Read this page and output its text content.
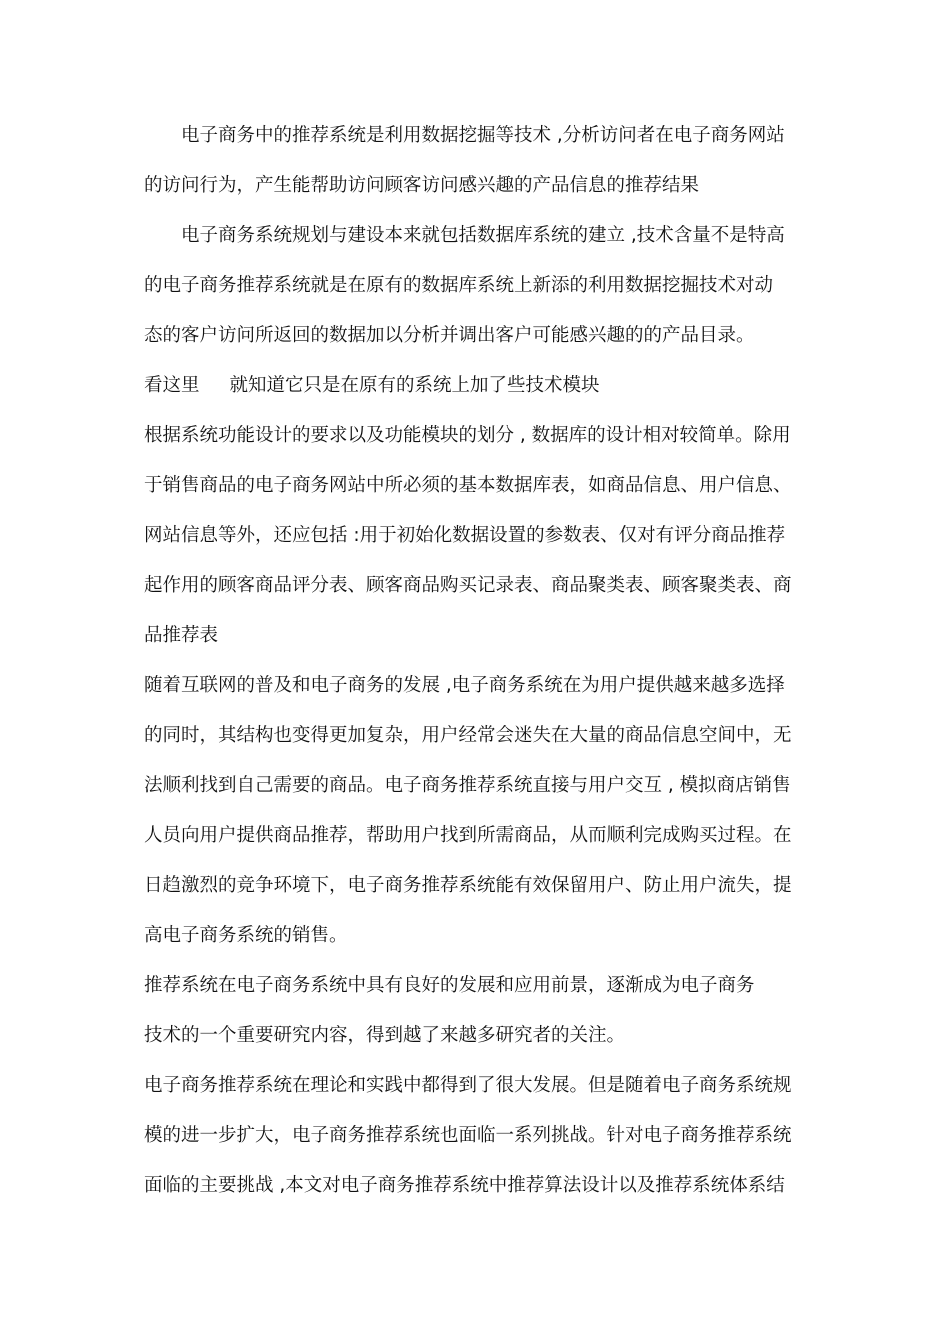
电子商务中的推荐系统是利用数据挖掘等技术 ,分析访问者在电子商务网站
的访问行为，产生能帮助访问顾客访问感兴趣的产品信息的推荐结果
电子商务系统规划与建设本来就包括数据库系统的建立 ,技术含量不是特高
的电子商务推荐系统就是在原有的数据库系统上新添的利用数据挖掘技术对动
态的客户访问所返回的数据加以分析并调出客户可能感兴趣的的产品目录。
看这里 就知道它只是在原有的系统上加了些技术模块
根据系统功能设计的要求以及功能模块的划分 , 数据库的设计相对较简单。除用
于销售商品的电子商务网站中所必须的基本数据库表，如商品信息、用户信息、
网站信息等外，还应包括 :用于初始化数据设置的参数表、仅对有评分商品推荐
起作用的顾客商品评分表、顾客商品购买记录表、商品聚类表、顾客聚类表、商
品推荐表
随着互联网的普及和电子商务的发展 ,电子商务系统在为用户提供越来越多选择
的同时，其结构也变得更加复杂，用户经常会迷失在大量的商品信息空间中，无
法顺利找到自己需要的商品。电子商务推荐系统直接与用户交互 , 模拟商店销售
人员向用户提供商品推荐，帮助用户找到所需商品，从而顺利完成购买过程。在
日趋激烈的竞争环境下，电子商务推荐系统能有效保留用户、防止用户流失，提
高电子商务系统的销售。
推荐系统在电子商务系统中具有良好的发展和应用前景，逐渐成为电子商务
技术的一个重要研究内容，得到越了来越多研究者的关注。
电子商务推荐系统在理论和实践中都得到了很大发展。但是随着电子商务系统规
模的进一步扩大，电子商务推荐系统也面临一系列挑战。针对电子商务推荐系统
面临的主要挑战 ,本文对电子商务推荐系统中推荐算法设计以及推荐系统体系结
